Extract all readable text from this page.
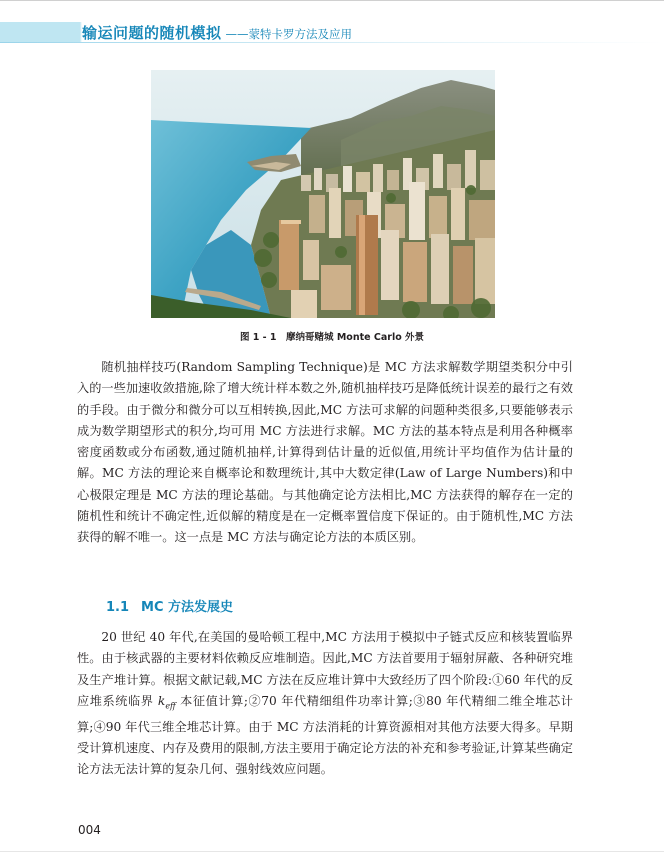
输运问题的随机模拟 ——蒙特卡罗方法及应用
图 1 - 1　摩纳哥赌城 Monte Carlo 外景

随机抽样技巧(Random Sampling Technique)是 MC 方法求解数学期望类积分中引入的一些加速收敛措施,除了增大统计样本数之外,随机抽样技巧是降低统计误差的最行之有效的手段。由于微分和微分可以互相转换,因此,MC 方法可求解的问题种类很多,只要能够表示成为数学期望形式的积分,均可用 MC 方法进行求解。MC 方法的基本特点是利用各种概率密度函数或分布函数,通过随机抽样,计算得到估计量的近似值,用统计平均值作为估计量的解。MC 方法的理论来自概率论和数理统计,其中大数定律(Law of Large Numbers)和中心极限定理是 MC 方法的理论基础。与其他确定论方法相比,MC 方法获得的解存在一定的随机性和统计不确定性,近似解的精度是在一定概率置信度下保证的。由于随机性,MC 方法获得的解不唯一。这一点是 MC 方法与确定论方法的本质区别。

1.1 MC 方法发展史

20 世纪 40 年代,在美国的曼哈顿工程中,MC 方法用于模拟中子链式反应和核装置临界性。由于核武器的主要材料依赖反应堆制造。因此,MC 方法首要用于辐射屏蔽、各种研究堆及生产堆计算。根据文献记载,MC 方法在反应堆计算中大致经历了四个阶段:①60 年代的反应堆系统临界 $k_{eff}$ 本征值计算;②70 年代精细组件功率计算;③80 年代精细二维全堆芯计算;④90 年代三维全堆芯计算。由于 MC 方法消耗的计算资源相对其他方法要大得多。早期受计算机速度、内存及费用的限制,方法主要用于确定论方法的补充和参考验证,计算某些确定论方法无法计算的复杂几何、强射线效应问题。

004
